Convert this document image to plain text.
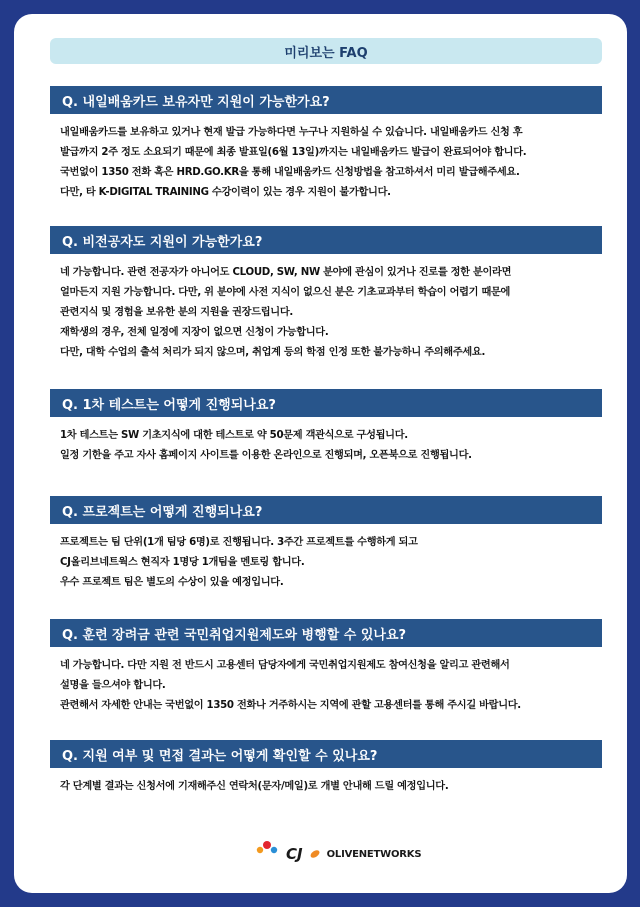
미리보는 FAQ
Q. 내일배움카드 보유자만 지원이 가능한가요?

내일배움카드를 보유하고 있거나 현재 발급 가능하다면 누구나 지원하실 수 있습니다. 내일배움카드 신청 후

발급까지 2주 정도 소요되기 때문에 최종 발표일(6월 13일)까지는 내일배움카드 발급이 완료되어야 합니다.

국번없이 1350 전화 혹은 HRD.GO.KR을 통해 내일배움카드 신청방법을 참고하셔서 미리 발급해주세요.

다만, 타 K-DIGITAL TRAINING 수강이력이 있는 경우 지원이 불가합니다.

Q. 비전공자도 지원이 가능한가요?

네 가능합니다. 관련 전공자가 아니어도 CLOUD, SW, NW 분야에 관심이 있거나 진로를 정한 분이라면

얼마든지 지원 가능합니다. 다만, 위 분야에 사전 지식이 없으신 분은 기초교과부터 학습이 어렵기 때문에

관련지식 및 경험을 보유한 분의 지원을 권장드립니다.

재학생의 경우, 전체 일정에 지장이 없으면 신청이 가능합니다.

다만, 대학 수업의 출석 처리가 되지 않으며, 취업계 등의 학점 인정 또한 불가능하니 주의해주세요.

Q. 1차 테스트는 어떻게 진행되나요?

1차 테스트는 SW 기초지식에 대한 테스트로 약 50문제 객관식으로 구성됩니다.

일정 기한을 주고 자사 홈페이지 사이트를 이용한 온라인으로 진행되며, 오픈북으로 진행됩니다.

Q. 프로젝트는 어떻게 진행되나요?

프로젝트는 팀 단위(1개 팀당 6명)로 진행됩니다. 3주간 프로젝트를 수행하게 되고

CJ올리브네트웍스 현직자 1명당 1개팀을 멘토링 합니다.

우수 프로젝트 팀은 별도의 수상이 있을 예정입니다.

Q. 훈련 장려금 관련 국민취업지원제도와 병행할 수 있나요?

네 가능합니다. 다만 지원 전 반드시 고용센터 담당자에게 국민취업지원제도 참여신청을 알리고 관련해서

설명을 들으셔야 합니다.

관련해서 자세한 안내는 국번없이 1350 전화나 거주하시는 지역에 관할 고용센터를 통해 주시길 바랍니다.

Q. 지원 여부 및 면접 결과는 어떻게 확인할 수 있나요?

각 단계별 결과는 신청서에 기재해주신 연락처(문자/메일)로 개별 안내해 드릴 예정입니다.

CJ OLIVENETWORKS
